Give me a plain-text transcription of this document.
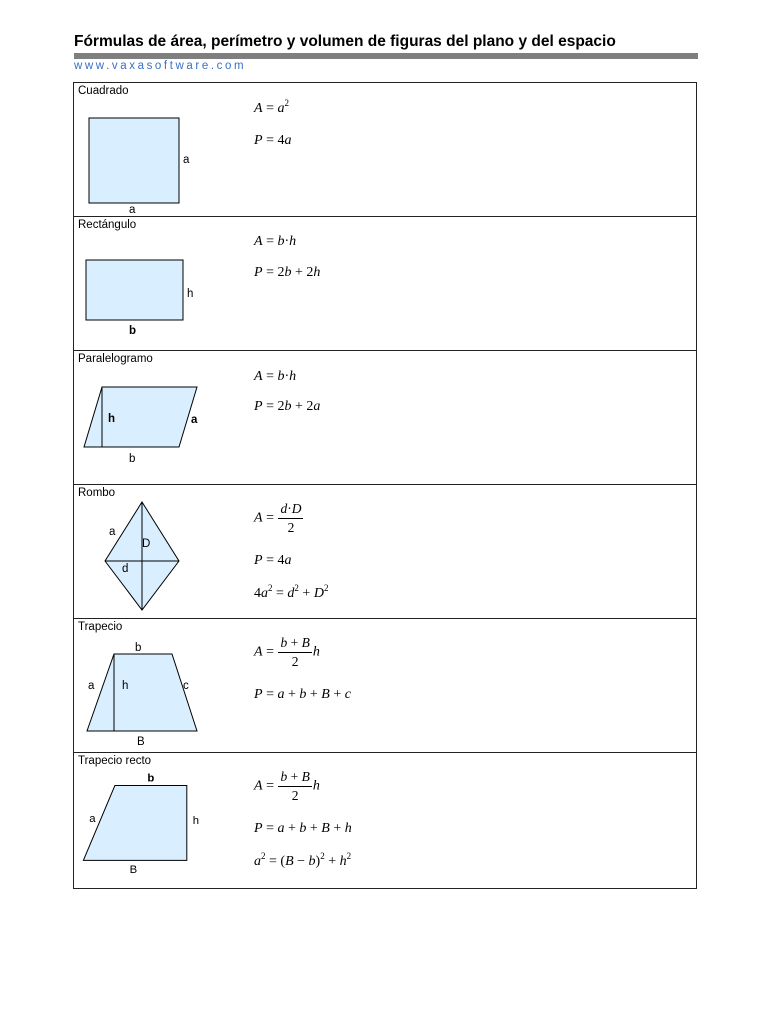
Fórmulas de área, perímetro y volumen de figuras del plano y del espacio
www.vaxasoftware.com
Cuadrado
a
a
$A = a^2$
P = 4a
Rectángulo
h
b
A = b·h
P = 2b + 2h
Paralelogramo
h	a
b
A = b·h
P = 2b + 2a
Rombo
a
D
d
$A = \frac{d\cdot D}{2}$
P = 4a
$4a^2 = d^2 + D^2$
Trapecio
b
a h	c
B
$A = \frac{b + B}{2}$ h
P = a + b + B + c
Trapecio recto
b
a	h
B
$A = \frac{b + B}{2}$ h
P = a + b + B + h
$a^2 = (B - b)^2 + h^2$
